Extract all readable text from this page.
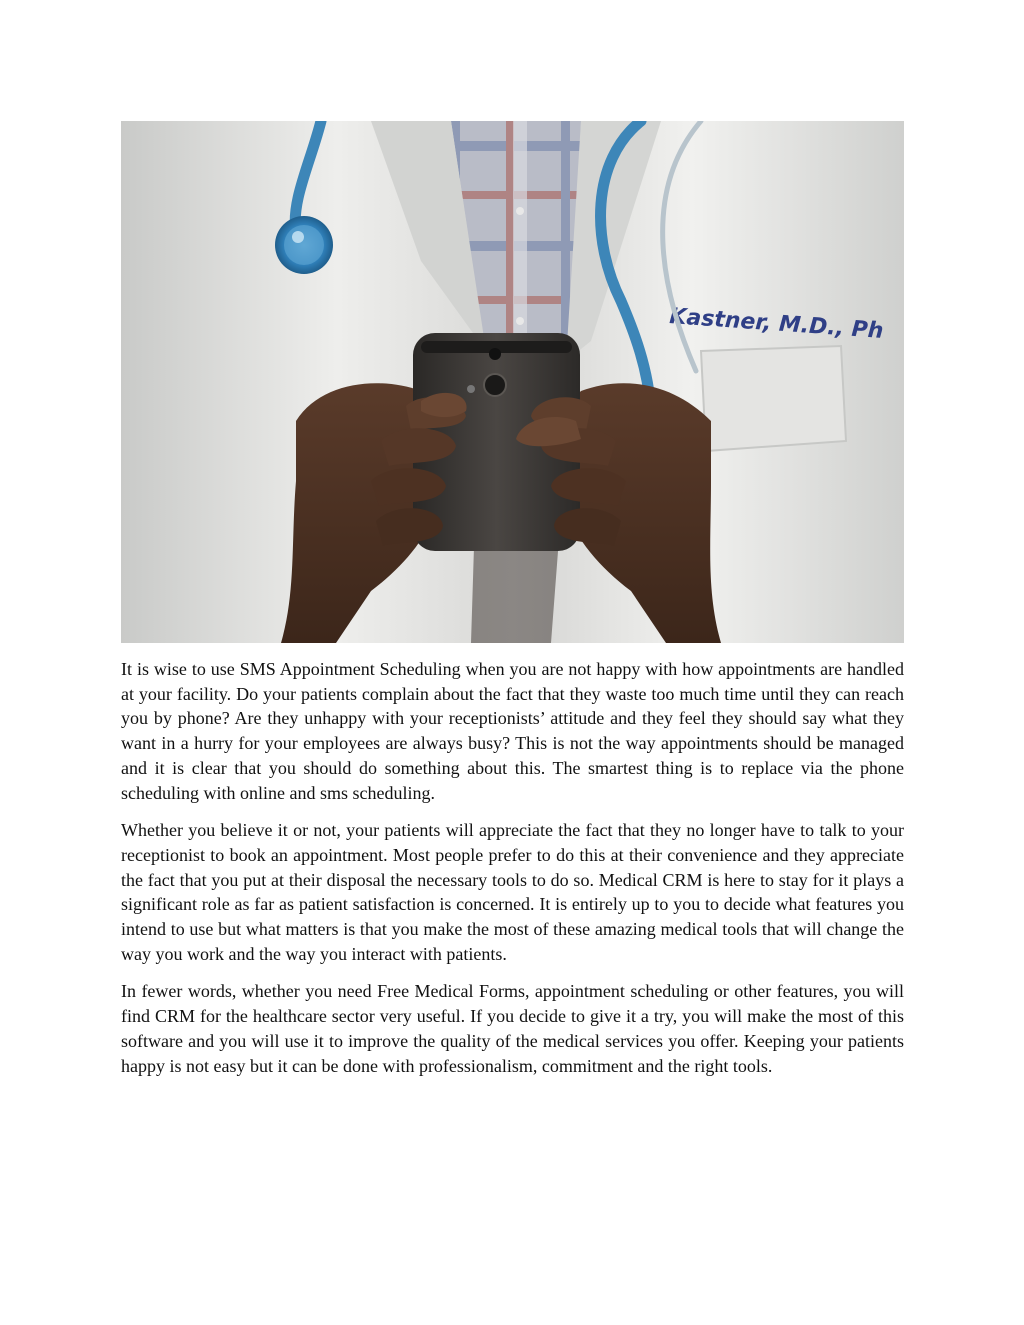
Kastner, M.D., Ph

It is wise to use SMS Appointment Scheduling when you are not happy with how appointments are handled at your facility. Do your patients complain about the fact that they waste too much time until they can reach you by phone? Are they unhappy with your receptionists’ attitude and they feel they should say what they want in a hurry for your employees are always busy? This is not the way appointments should be managed and it is clear that you should do something about this. The smartest thing is to replace via the phone scheduling with online and sms scheduling.

Whether you believe it or not, your patients will appreciate the fact that they no longer have to talk to your receptionist to book an appointment. Most people prefer to do this at their convenience and they appreciate the fact that you put at their disposal the necessary tools to do so. Medical CRM is here to stay for it plays a significant role as far as patient satisfaction is concerned. It is entirely up to you to decide what features you intend to use but what matters is that you make the most of these amazing medical tools that will change the way you work and the way you interact with patients.

In fewer words, whether you need Free Medical Forms, appointment scheduling or other features, you will find CRM for the healthcare sector very useful. If you decide to give it a try, you will make the most of this software and you will use it to improve the quality of the medical services you offer. Keeping your patients happy is not easy but it can be done with professionalism, commitment and the right tools.
